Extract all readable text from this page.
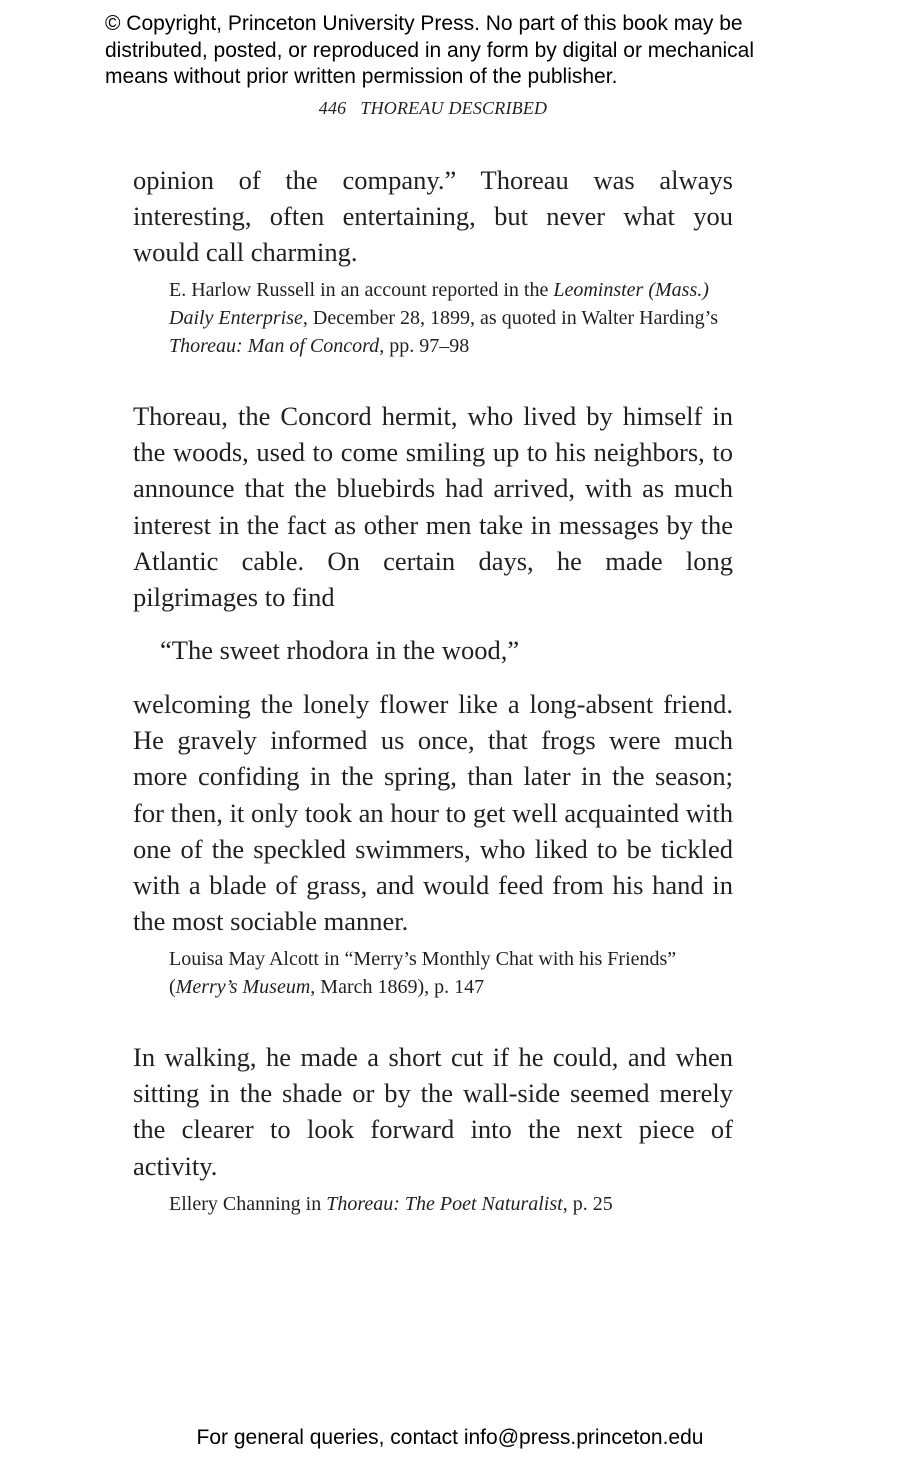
© Copyright, Princeton University Press. No part of this book may be
distributed, posted, or reproduced in any form by digital or mechanical
means without prior written permission of the publisher.
446 THOREAU DESCRIBED
opinion of the company.” Thoreau was always interesting, often entertaining, but never what you would call charming.
E. Harlow Russell in an account reported in the Leominster (Mass.) Daily Enterprise, December 28, 1899, as quoted in Walter Harding’s Thoreau: Man of Concord, pp. 97–98
Thoreau, the Concord hermit, who lived by himself in the woods, used to come smiling up to his neighbors, to announce that the bluebirds had arrived, with as much interest in the fact as other men take in messages by the Atlantic cable. On certain days, he made long pilgrimages to find
“The sweet rhodora in the wood,”
welcoming the lonely flower like a long-absent friend. He gravely informed us once, that frogs were much more confiding in the spring, than later in the season; for then, it only took an hour to get well acquainted with one of the speckled swimmers, who liked to be tickled with a blade of grass, and would feed from his hand in the most sociable manner.
Louisa May Alcott in “Merry’s Monthly Chat with his Friends” (Merry’s Museum, March 1869), p. 147
In walking, he made a short cut if he could, and when sitting in the shade or by the wall-side seemed merely the clearer to look forward into the next piece of activity.
Ellery Channing in Thoreau: The Poet Naturalist, p. 25
For general queries, contact info@press.princeton.edu
